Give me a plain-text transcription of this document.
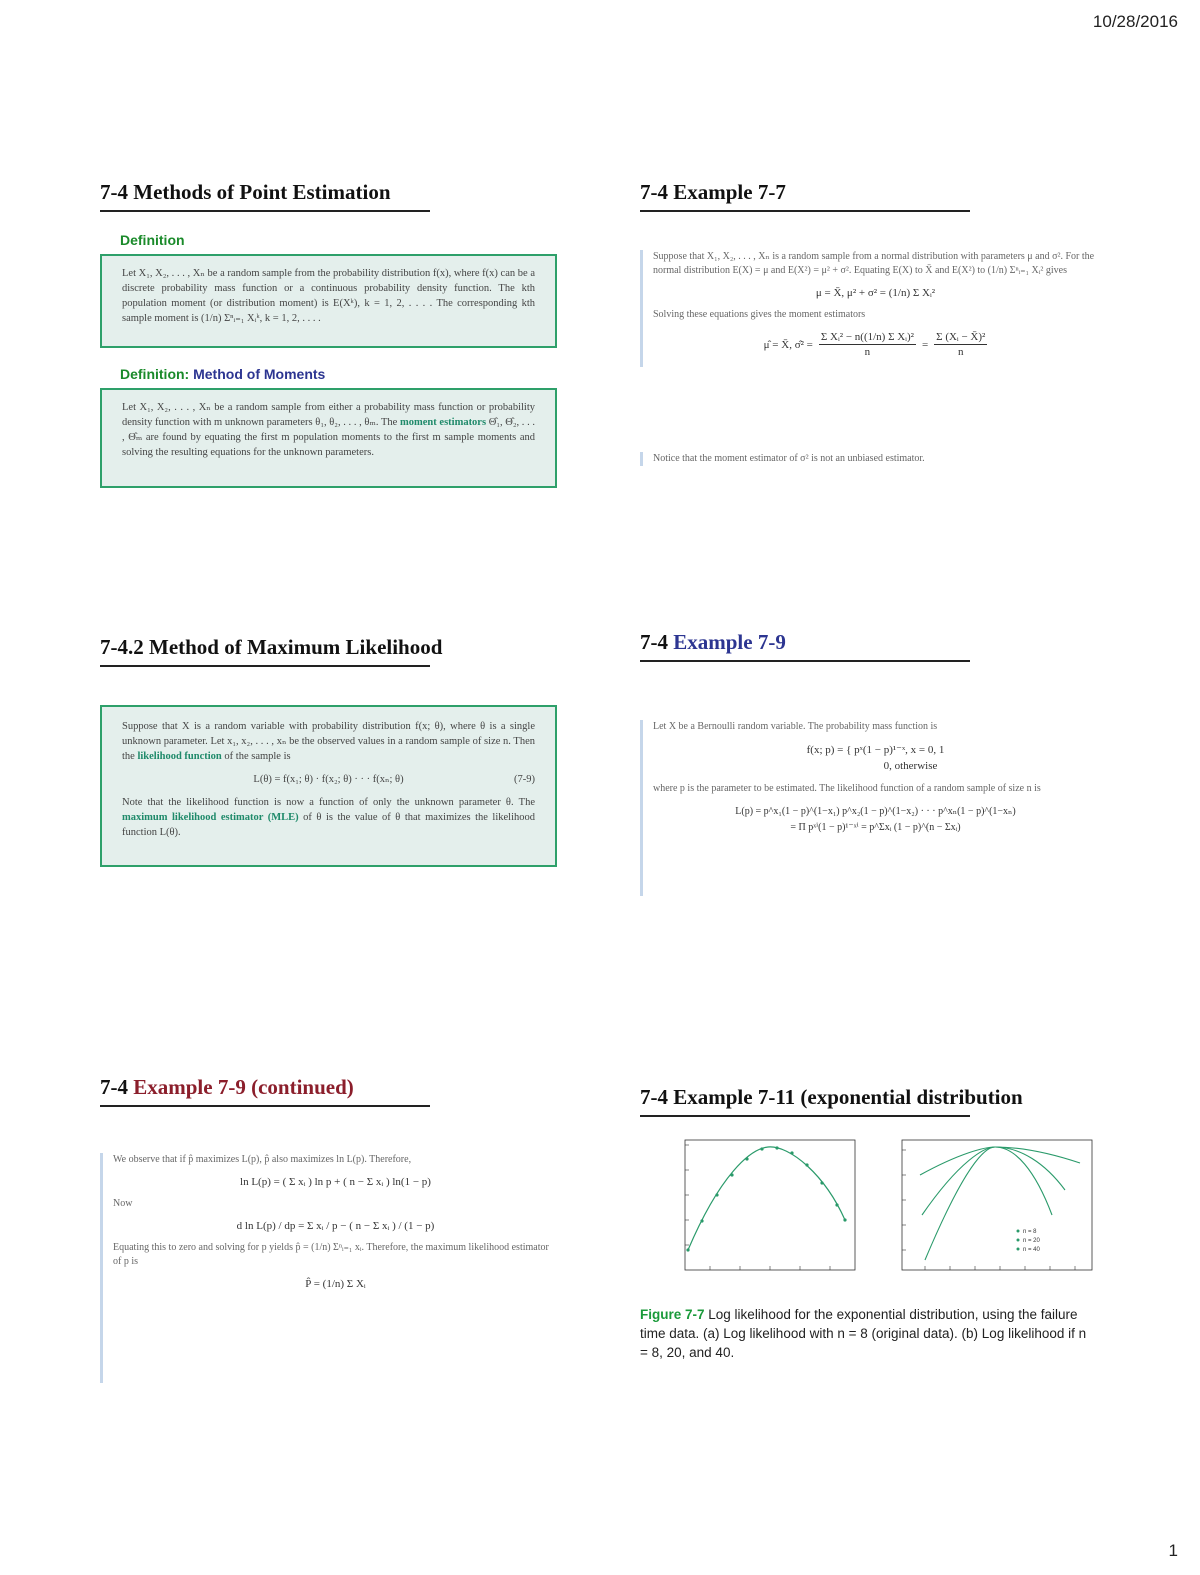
10/28/2016
7-4 Methods of Point Estimation
Definition
Let X₁, X₂, . . . , Xₙ be a random sample from the probability distribution f(x), where f(x) can be a discrete probability mass function or a continuous probability density function. The kth population moment (or distribution moment) is E(Xᵏ), k = 1, 2, . . . . The corresponding kth sample moment is (1/n) Σⁿᵢ₌₁ Xᵢᵏ, k = 1, 2, . . . .
Definition: Method of Moments
Let X₁, X₂, . . . , Xₙ be a random sample from either a probability mass function or probability density function with m unknown parameters θ₁, θ₂, . . . , θₘ. The moment estimators Θ̂₁, Θ̂₂, . . . , Θ̂ₘ are found by equating the first m population moments to the first m sample moments and solving the resulting equations for the unknown parameters.
7-4 Example 7-7
Suppose that X₁, X₂, . . . , Xₙ is a random sample from a normal distribution with parameters μ and σ². For the normal distribution E(X) = μ and E(X²) = μ² + σ². Equating E(X) to X̄ and E(X²) to (1/n) Σⁿᵢ₌₁ Xᵢ² gives
μ = X̄, μ² + σ² = (1/n) Σ Xᵢ²
Solving these equations gives the moment estimators
μ̂ = X̄, σ̂² = $\frac{\text{Σ Xᵢ² − n((1/n) Σ Xᵢ)²}}{n} = \frac{\text{Σ (Xᵢ − X̄)²}}{n}$
Notice that the moment estimator of σ² is not an unbiased estimator.
7-4.2 Method of Maximum Likelihood
Suppose that X is a random variable with probability distribution f(x; θ), where θ is a single unknown parameter. Let x₁, x₂, . . . , xₙ be the observed values in a random sample of size n. Then the likelihood function of the sample is
L(θ) = f(x₁; θ) · f(x₂; θ) · · · f(xₙ; θ)	(7-9)
Note that the likelihood function is now a function of only the unknown parameter θ. The maximum likelihood estimator (MLE) of θ is the value of θ that maximizes the likelihood function L(θ).
7-4 Example 7-9
Let X be a Bernoulli random variable. The probability mass function is
f(x; p) = { pˣ(1 − p)¹⁻ˣ, x = 0, 1
0, otherwise
where p is the parameter to be estimated. The likelihood function of a random sample of size n is
L(p) = p^x₁(1 − p)^(1−x₁) p^x₂(1 − p)^(1−x₂) · · · p^xₙ(1 − p)^(1−xₙ)
= Π pˣⁱ(1 − p)¹⁻ˣⁱ = p^Σxᵢ (1 − p)^(n − Σxᵢ)
7-4 Example 7-9 (continued)
We observe that if p̂ maximizes L(p), p̂ also maximizes ln L(p). Therefore,
ln L(p) = ( Σ xᵢ ) ln p + ( n − Σ xᵢ ) ln(1 − p)
Now
d ln L(p) / dp = Σ xᵢ / p − ( n − Σ xᵢ ) / (1 − p)
Equating this to zero and solving for p yields p̂ = (1/n) Σⁿᵢ₌₁ xᵢ. Therefore, the maximum likelihood estimator of p is
P̂ = (1/n) Σ Xᵢ
7-4 Example 7-11 (exponential distribution
n = 8
n = 20
n = 40
Figure 7-7 Log likelihood for the exponential distribution, using the failure time data. (a) Log likelihood with n = 8 (original data). (b) Log likelihood if n = 8, 20, and 40.
1
